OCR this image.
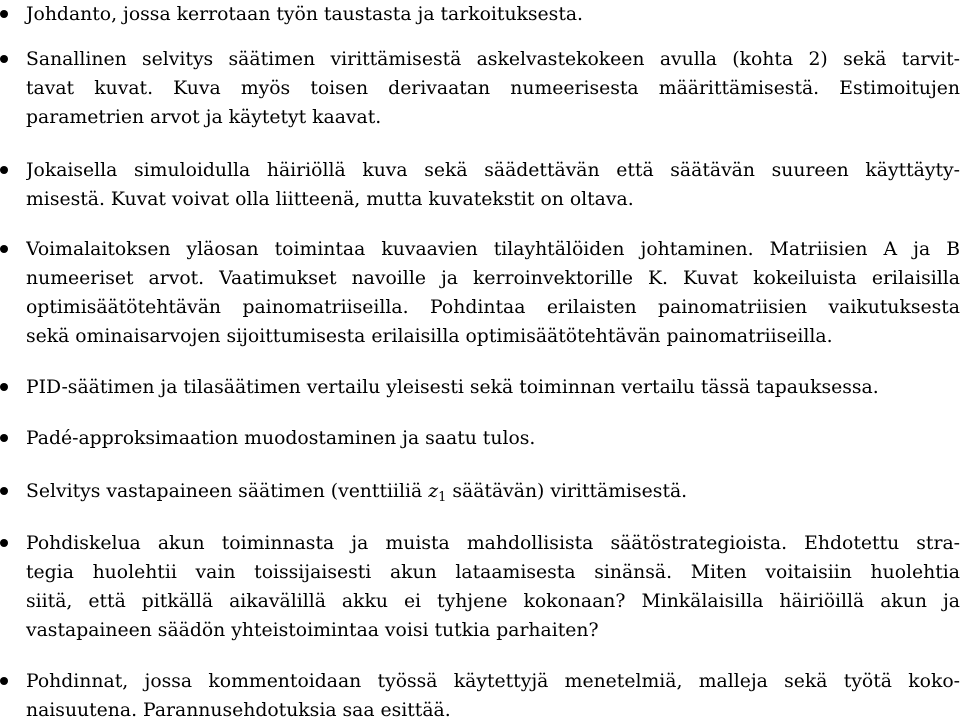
Johdanto, jossa kerrotaan työn taustasta ja tarkoituksesta.
Sanallinen selvitys säätimen virittämisestä askelvastekokeen avulla (kohta 2) sekä tarvit-
tavat kuvat. Kuva myös toisen derivaatan numeerisesta määrittämisestä. Estimoitujen
parametrien arvot ja käytetyt kaavat.
Jokaisella simuloidulla häiriöllä kuva sekä säädettävän että säätävän suureen käyttäyty-
misestä. Kuvat voivat olla liitteenä, mutta kuvatekstit on oltava.
Voimalaitoksen yläosan toimintaa kuvaavien tilayhtälöiden johtaminen. Matriisien A ja B
numeeriset arvot. Vaatimukset navoille ja kerroinvektorille K. Kuvat kokeiluista erilaisilla
optimisäätötehtävän painomatriiseilla. Pohdintaa erilaisten painomatriisien vaikutuksesta
sekä ominaisarvojen sijoittumisesta erilaisilla optimisäätötehtävän painomatriiseilla.
PID-säätimen ja tilasäätimen vertailu yleisesti sekä toiminnan vertailu tässä tapauksessa.
Padé-approksimaation muodostaminen ja saatu tulos.
Selvitys vastapaineen säätimen (venttiiliä $z_1$ säätävän) virittämisestä.
Pohdiskelua akun toiminnasta ja muista mahdollisista säätöstrategioista. Ehdotettu stra-
tegia huolehtii vain toissijaisesti akun lataamisesta sinänsä. Miten voitaisiin huolehtia
siitä, että pitkällä aikavälillä akku ei tyhjene kokonaan? Minkälaisilla häiriöillä akun ja
vastapaineen säädön yhteistoimintaa voisi tutkia parhaiten?
Pohdinnat, jossa kommentoidaan työssä käytettyjä menetelmiä, malleja sekä työtä koko-
naisuutena. Parannusehdotuksia saa esittää.
